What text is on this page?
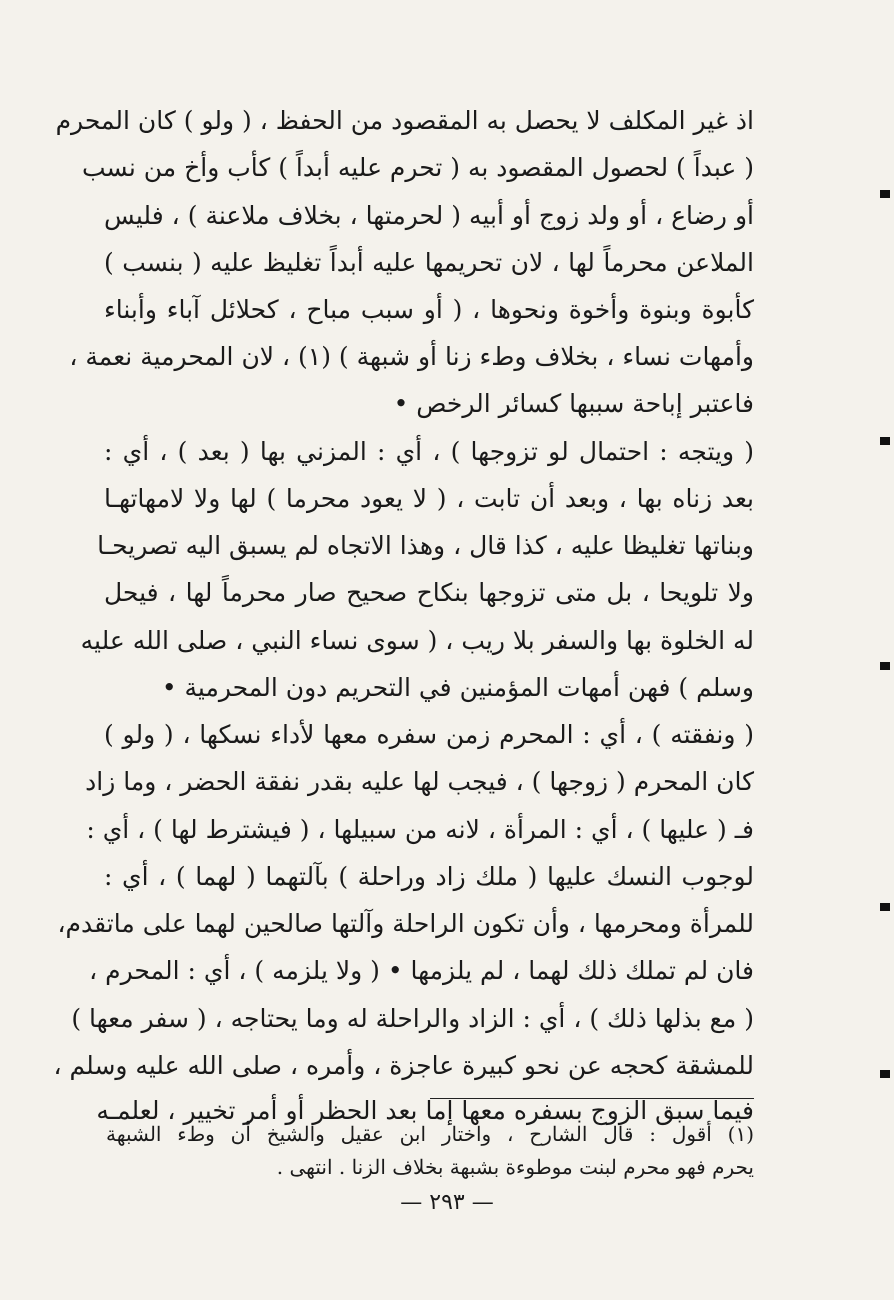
اذ غير المكلف لا يحصل به المقصود من الحفظ ، ( ولو ) كان المحرم
( عبداً ) لحصول المقصود به ( تحرم عليه أبداً ) كأب وأخ من نسب
أو رضاع ، أو ولد زوج أو أبيه ( لحرمتها ، بخلاف ملاعنة ) ، فليس
الملاعن محرماً لها ، لان تحريمها عليه أبداً تغليظ عليه ( بنسب )
كأبوة وبنوة وأخوة ونحوها ، ( أو سبب مباح ، كحلائل آباء وأبناء
وأمهات نساء ، بخلاف وطء زنا أو شبهة ) (١) ، لان المحرمية نعمة ،
فاعتبر إباحة سببها كسائر الرخص •
( ويتجه : احتمال لو تزوجها ) ، أي : المزني بها ( بعد ) ، أي :
بعد زناه بها ، وبعد أن تابت ، ( لا يعود محرما ) لها ولا لامهاتهـا
وبناتها تغليظا عليه ، كذا قال ، وهذا الاتجاه لم يسبق اليه تصريحـا
ولا تلويحا ، بل متى تزوجها بنكاح صحيح صار محرماً لها ، فيحل
له الخلوة بها والسفر بلا ريب ، ( سوى نساء النبي ، صلى الله عليه
وسلم ) فهن أمهات المؤمنين في التحريم دون المحرمية •
( ونفقته ) ، أي : المحرم زمن سفره معها لأداء نسكها ، ( ولو )
كان المحرم ( زوجها ) ، فيجب لها عليه بقدر نفقة الحضر ، وما زاد
فـ ( عليها ) ، أي : المرأة ، لانه من سبيلها ، ( فيشترط لها ) ، أي :
لوجوب النسك عليها ( ملك زاد وراحلة ) بآلتهما ( لهما ) ، أي :
للمرأة ومحرمها ، وأن تكون الراحلة وآلتها صالحين لهما على ماتقدم،
فان لم تملك ذلك لهما ، لم يلزمها • ( ولا يلزمه ) ، أي : المحرم ،
( مع بذلها ذلك ) ، أي : الزاد والراحلة له وما يحتاجه ، ( سفر معها )
للمشقة كحجه عن نحو كبيرة عاجزة ، وأمره ، صلى الله عليه وسلم ،
فيما سبق الزوج بسفره معها إما بعد الحظر أو أمر تخيير ، لعلمـه
(١) أقول : قال الشارح ، واختار ابن عقيل والشيخ أن وطء الشبهة
يحرم فهو محرم لبنت موطوءة بشبهة بخلاف الزنا . انتهى .
— ٢٩٣ —
